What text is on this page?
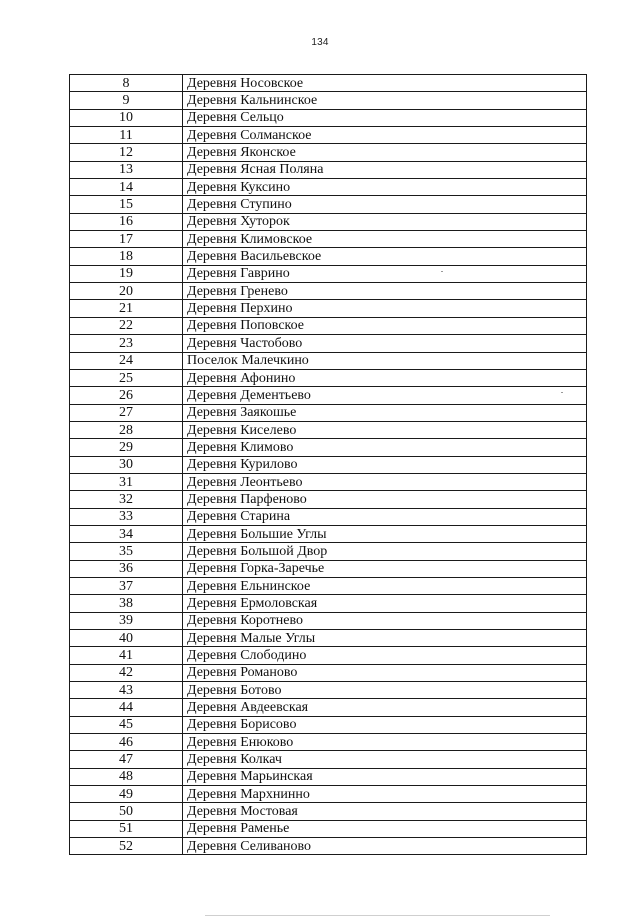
134
8	Деревня Носовское
9	Деревня Кальнинское
10	Деревня Сельцо
11	Деревня Солманское
12	Деревня Яконское
13	Деревня Ясная Поляна
14	Деревня Куксино
15	Деревня Ступино
16	Деревня Хуторок
17	Деревня Климовское
18	Деревня Васильевское
19	Деревня Гаврино
20	Деревня Гренево
21	Деревня Перхино
22	Деревня Поповское
23	Деревня Частобово
24	Поселок Малечкино
25	Деревня Афонино
26	Деревня Дементьево
27	Деревня Заякошье
28	Деревня Киселево
29	Деревня Климово
30	Деревня Курилово
31	Деревня Леонтьево
32	Деревня Парфеново
33	Деревня Старина
34	Деревня Большие Углы
35	Деревня Большой Двор
36	Деревня Горка-Заречье
37	Деревня Ельнинское
38	Деревня Ермоловская
39	Деревня Коротнево
40	Деревня Малые Углы
41	Деревня Слободино
42	Деревня Романово
43	Деревня Ботово
44	Деревня Авдеевская
45	Деревня Борисово
46	Деревня Енюково
47	Деревня Колкач
48	Деревня Марьинская
49	Деревня Мархнинно
50	Деревня Мостовая
51	Деревня Раменье
52	Деревня Селиваново
